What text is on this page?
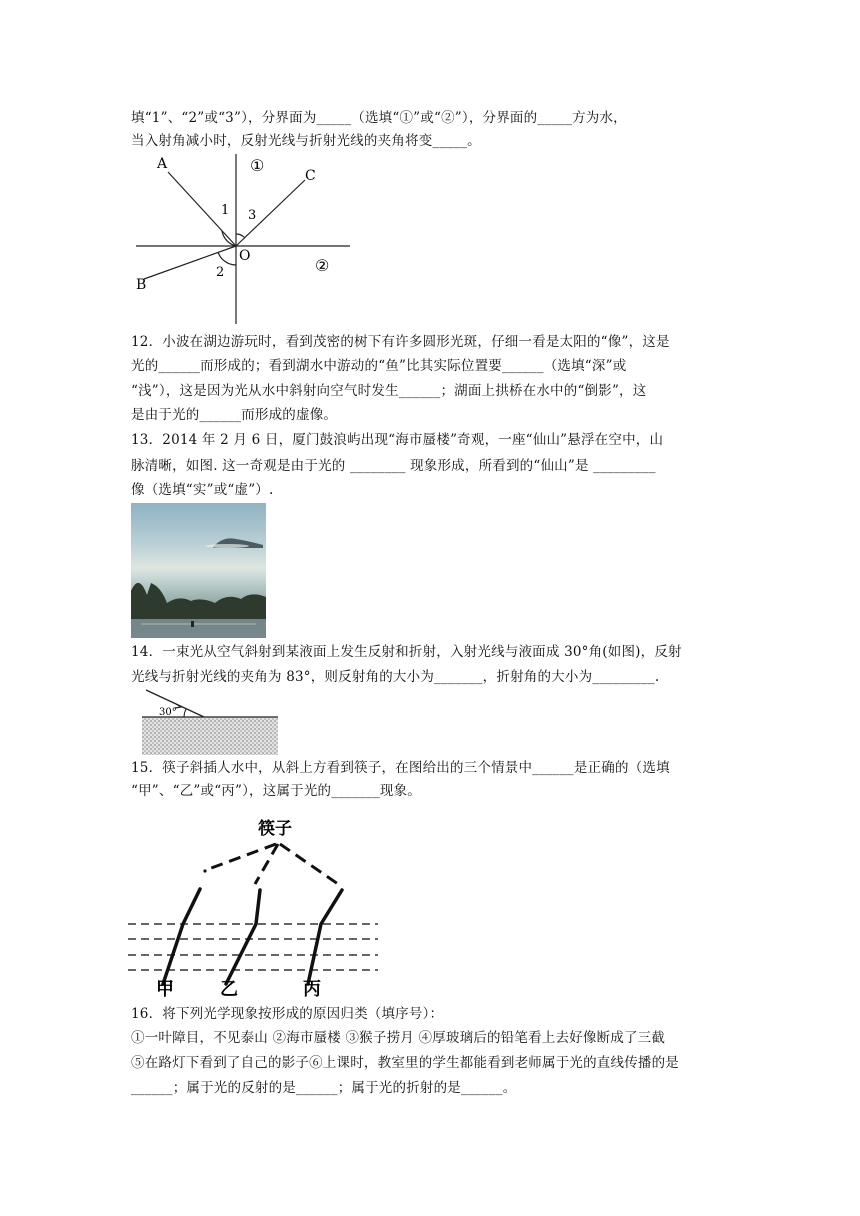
填“1”、“2”或“3”），分界面为_____（选填“①”或“②”），分界面的_____方为水，
当入射角减小时，反射光线与折射光线的夹角将变_____。
A
B
C
O
1 3
2
①
②
12．小波在湖边游玩时，看到茂密的树下有许多圆形光斑，仔细一看是太阳的“像”，这是
光的______而形成的；看到湖水中游动的“鱼”比其实际位置要______（选填“深”或
“浅”），这是因为光从水中斜射向空气时发生______；湖面上拱桥在水中的“倒影”，这
是由于光的______而形成的虚像。
13．2014 年 2 月 6 日，厦门鼓浪屿出现“海市蜃楼”奇观，一座“仙山”悬浮在空中，山
脉清晰，如图. 这一奇观是由于光的 ________ 现象形成，所看到的“仙山”是 _________
像（选填“实”或“虚”）.
14．一束光从空气斜射到某液面上发生反射和折射，入射光线与液面成 30°角(如图)，反射
光线与折射光线的夹角为 83°，则反射角的大小为_______，折射角的大小为_________.
30°
15．筷子斜插人水中，从斜上方看到筷子，在图给出的三个情景中______是正确的（选填
“甲”、“乙”或“丙”），这属于光的_______现象。
筷子
甲	乙	丙
16．将下列光学现象按形成的原因归类（填序号）：
①一叶障目，不见泰山 ②海市蜃楼 ③猴子捞月 ④厚玻璃后的铅笔看上去好像断成了三截
⑤在路灯下看到了自己的影子⑥上课时，教室里的学生都能看到老师属于光的直线传播的是
______；属于光的反射的是______；属于光的折射的是______。
